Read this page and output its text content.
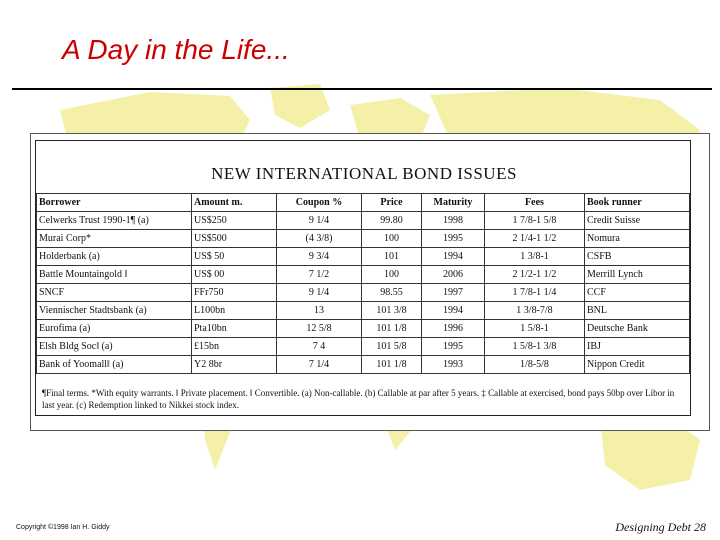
A Day in the Life...
NEW INTERNATIONAL BOND ISSUES
Borrower	Amount m.	Coupon %	Price	Maturity	Fees	Book runner
Celwerks Trust 1990-1¶ (a)	US$250	9 1/4	99.80	1998	1 7/8-1 5/8	Credit Suisse
Murai Corp*	US$500	(4 3/8)	100	1995	2 1/4-1 1/2	Nomura
Holderbank (a)	US$ 50	9 3/4	101	1994	1 3/8-1	CSFB
Battle Mountaingold ‖	US$ 00	7 1/2	100	2006	2 1/2-1 1/2	Merrill Lynch
SNCF	FFr750	9 1/4	98.55	1997	1 7/8-1 1/4	CCF
Viennischer Stadtsbank (a)	L100bn	13	101 3/8	1994	1 3/8-7/8	BNL
Eurofima (a)	Pta10bn	12 5/8	101 1/8	1996	1 5/8-1	Deutsche Bank
Elsh Bldg Soc‖ (a)	£15bn	7 4	101 5/8	1995	1 5/8-1 3/8	IBJ
Bank of Yoomall‖ (a)	Y2 8br	7 1/4	101 1/8	1993	1/8-5/8	Nippon Credit
¶Final terms. *With equity warrants. ‖ Private placement. ‖ Convertible. (a) Non-callable. (b) Callable at par after 5 years. ‡ Callable at exercised, bond pays 50bp over Libor in last year. (c) Redemption linked to Nikkei stock index.
Copyright ©1998 Ian H. Giddy	Designing Debt 28
